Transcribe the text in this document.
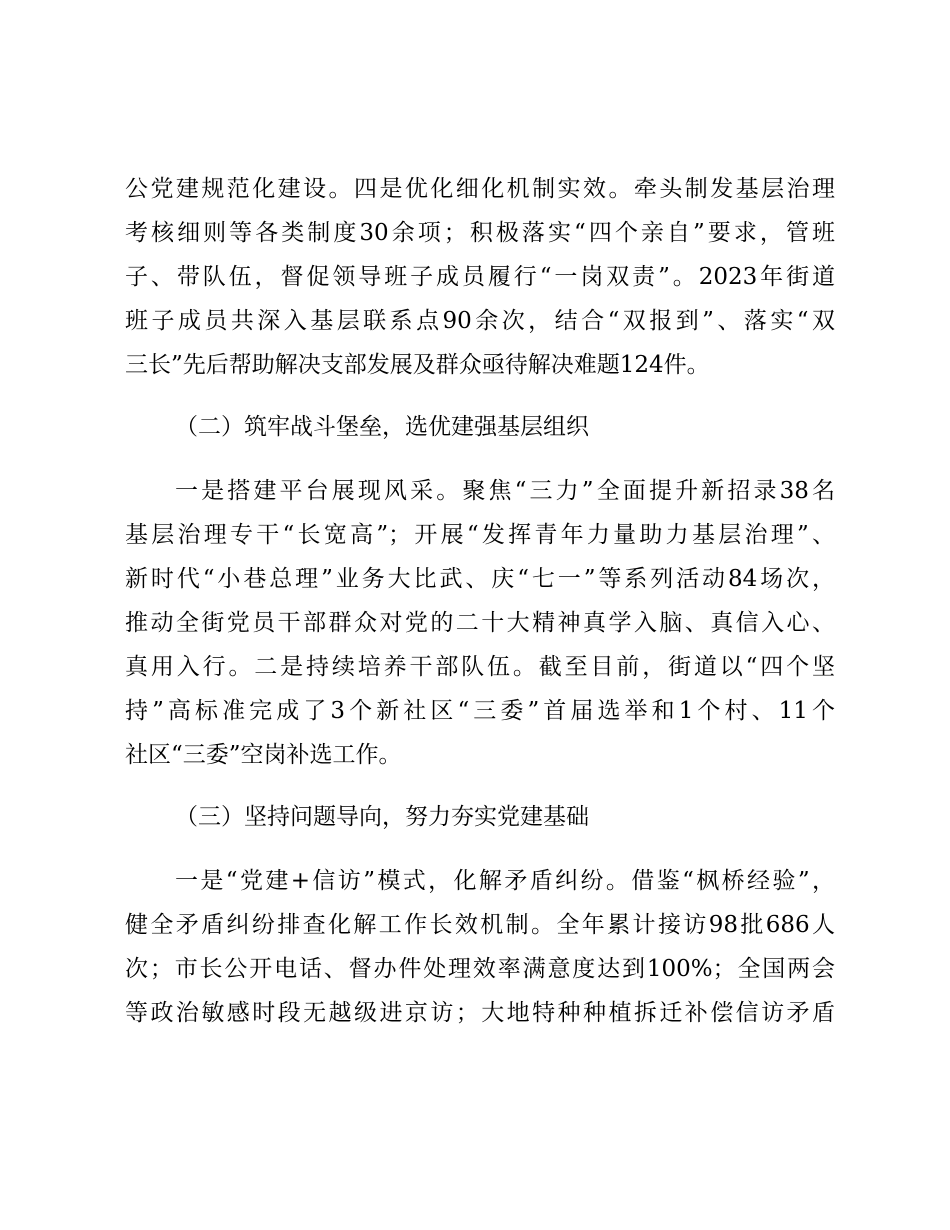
公党建规范化建设。四是优化细化机制实效。牵头制发基层治理
考核细则等各类制度30余项；积极落实“四个亲自”要求，管班
子、带队伍，督促领导班子成员履行“一岗双责”。2023年街道
班子成员共深入基层联系点90余次，结合“双报到”、落实“双
三长”先后帮助解决支部发展及群众亟待解决难题124件。
（二）筑牢战斗堡垒，选优建强基层组织
一是搭建平台展现风采。聚焦“三力”全面提升新招录38名
基层治理专干“长宽高”；开展“发挥青年力量助力基层治理”、
新时代“小巷总理”业务大比武、庆“七一”等系列活动84场次，
推动全街党员干部群众对党的二十大精神真学入脑、真信入心、
真用入行。二是持续培养干部队伍。截至目前，街道以“四个坚
持”高标准完成了3个新社区“三委”首届选举和1个村、11个
社区“三委”空岗补选工作。
（三）坚持问题导向，努力夯实党建基础
一是“党建+信访”模式，化解矛盾纠纷。借鉴“枫桥经验”，
健全矛盾纠纷排查化解工作长效机制。全年累计接访98批686人
次；市长公开电话、督办件处理效率满意度达到100%；全国两会
等政治敏感时段无越级进京访；大地特种种植拆迁补偿信访矛盾
